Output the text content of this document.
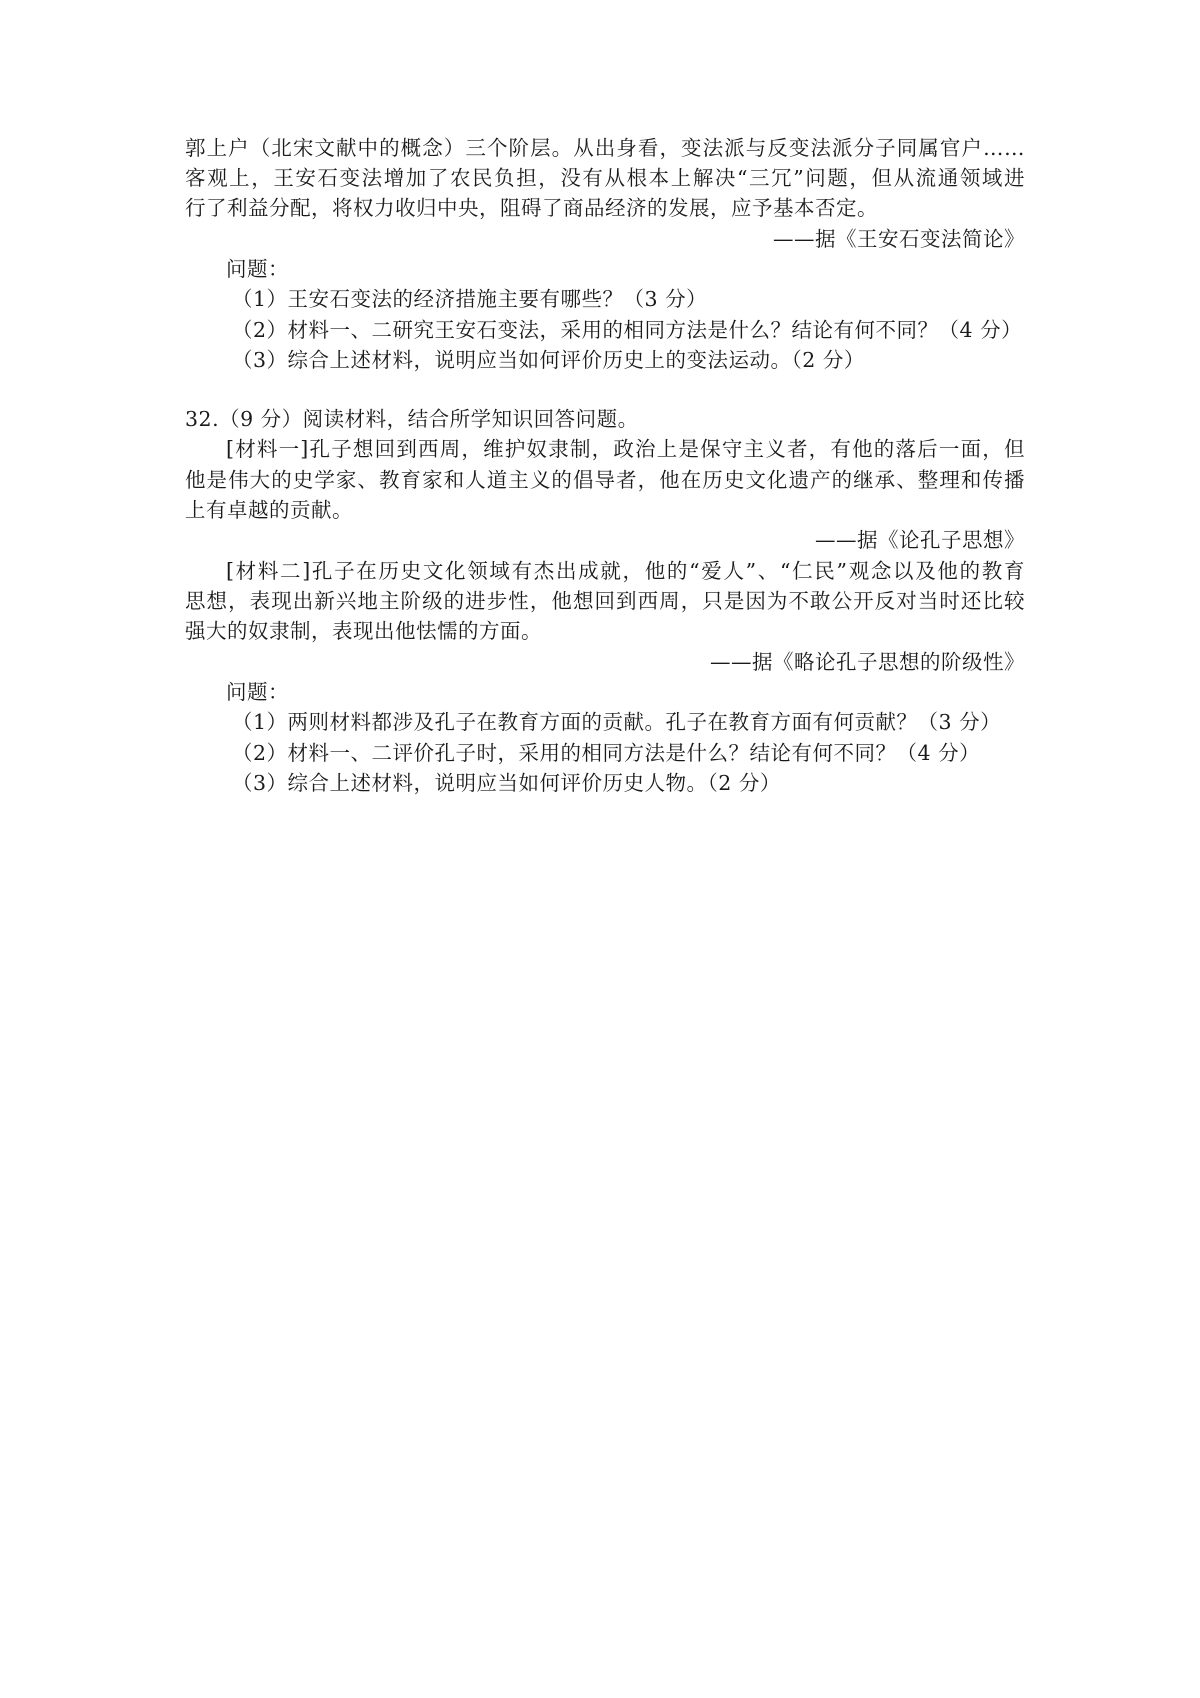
郭上户（北宋文献中的概念）三个阶层。从出身看，变法派与反变法派分子同属官户……
客观上，王安石变法增加了农民负担，没有从根本上解决“三冗”问题，但从流通领域进
行了利益分配，将权力收归中央，阻碍了商品经济的发展，应予基本否定。
——据《王安石变法简论》
问题：
（1）王安石变法的经济措施主要有哪些？（3 分）
（2）材料一、二研究王安石变法，采用的相同方法是什么？结论有何不同？（4 分）
（3）综合上述材料，说明应当如何评价历史上的变法运动。（2 分）
32.（9 分）阅读材料，结合所学知识回答问题。
[材料一]孔子想回到西周，维护奴隶制，政治上是保守主义者，有他的落后一面，但
他是伟大的史学家、教育家和人道主义的倡导者，他在历史文化遗产的继承、整理和传播
上有卓越的贡献。
——据《论孔子思想》
[材料二]孔子在历史文化领域有杰出成就，他的“爱人”、“仁民”观念以及他的教育
思想，表现出新兴地主阶级的进步性，他想回到西周，只是因为不敢公开反对当时还比较
强大的奴隶制，表现出他怯懦的方面。
——据《略论孔子思想的阶级性》
问题：
（1）两则材料都涉及孔子在教育方面的贡献。孔子在教育方面有何贡献？（3 分）
（2）材料一、二评价孔子时，采用的相同方法是什么？结论有何不同？（4 分）
（3）综合上述材料，说明应当如何评价历史人物。（2 分）
